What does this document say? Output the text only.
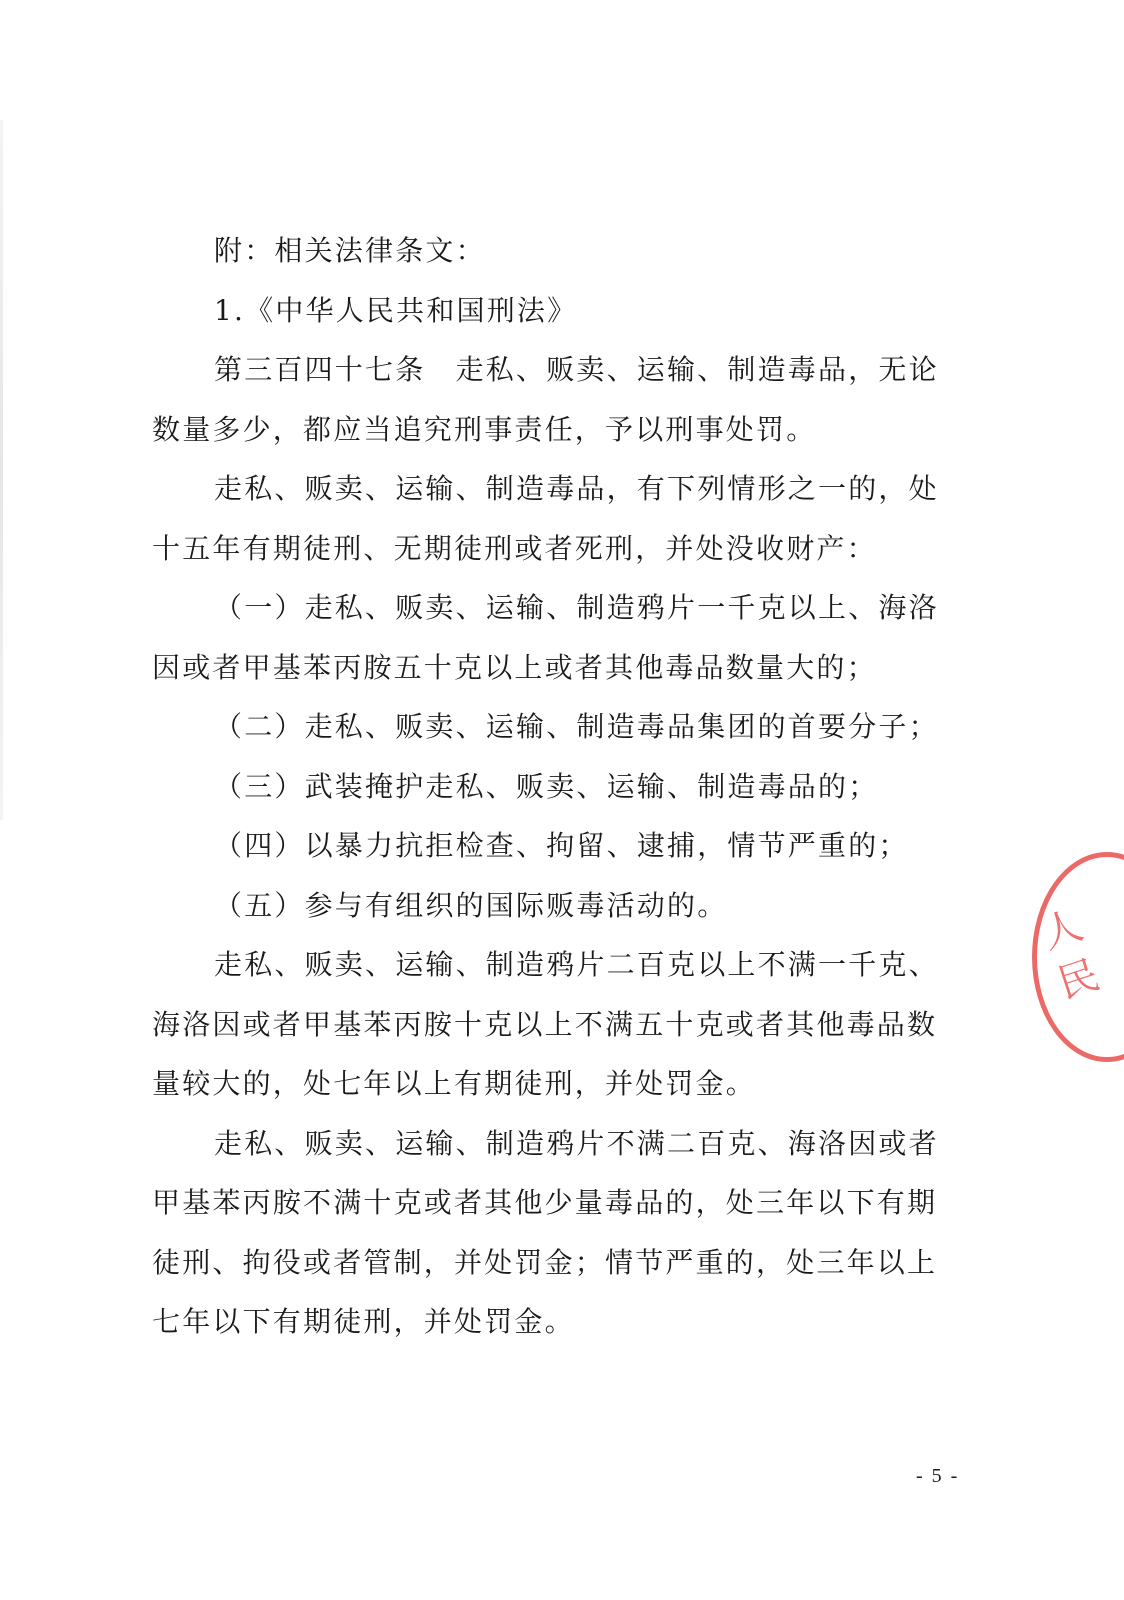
附：相关法律条文：

1.《中华人民共和国刑法》

第三百四十七条　走私、贩卖、运输、制造毒品，无论数量多少，都应当追究刑事责任，予以刑事处罚。

走私、贩卖、运输、制造毒品，有下列情形之一的，处十五年有期徒刑、无期徒刑或者死刑，并处没收财产：

（一）走私、贩卖、运输、制造鸦片一千克以上、海洛因或者甲基苯丙胺五十克以上或者其他毒品数量大的；

（二）走私、贩卖、运输、制造毒品集团的首要分子；

（三）武装掩护走私、贩卖、运输、制造毒品的；

（四）以暴力抗拒检查、拘留、逮捕，情节严重的；

（五）参与有组织的国际贩毒活动的。

走私、贩卖、运输、制造鸦片二百克以上不满一千克、海洛因或者甲基苯丙胺十克以上不满五十克或者其他毒品数量较大的，处七年以上有期徒刑，并处罚金。

走私、贩卖、运输、制造鸦片不满二百克、海洛因或者甲基苯丙胺不满十克或者其他少量毒品的，处三年以下有期徒刑、拘役或者管制，并处罚金；情节严重的，处三年以上七年以下有期徒刑，并处罚金。

人民
- 5 -
